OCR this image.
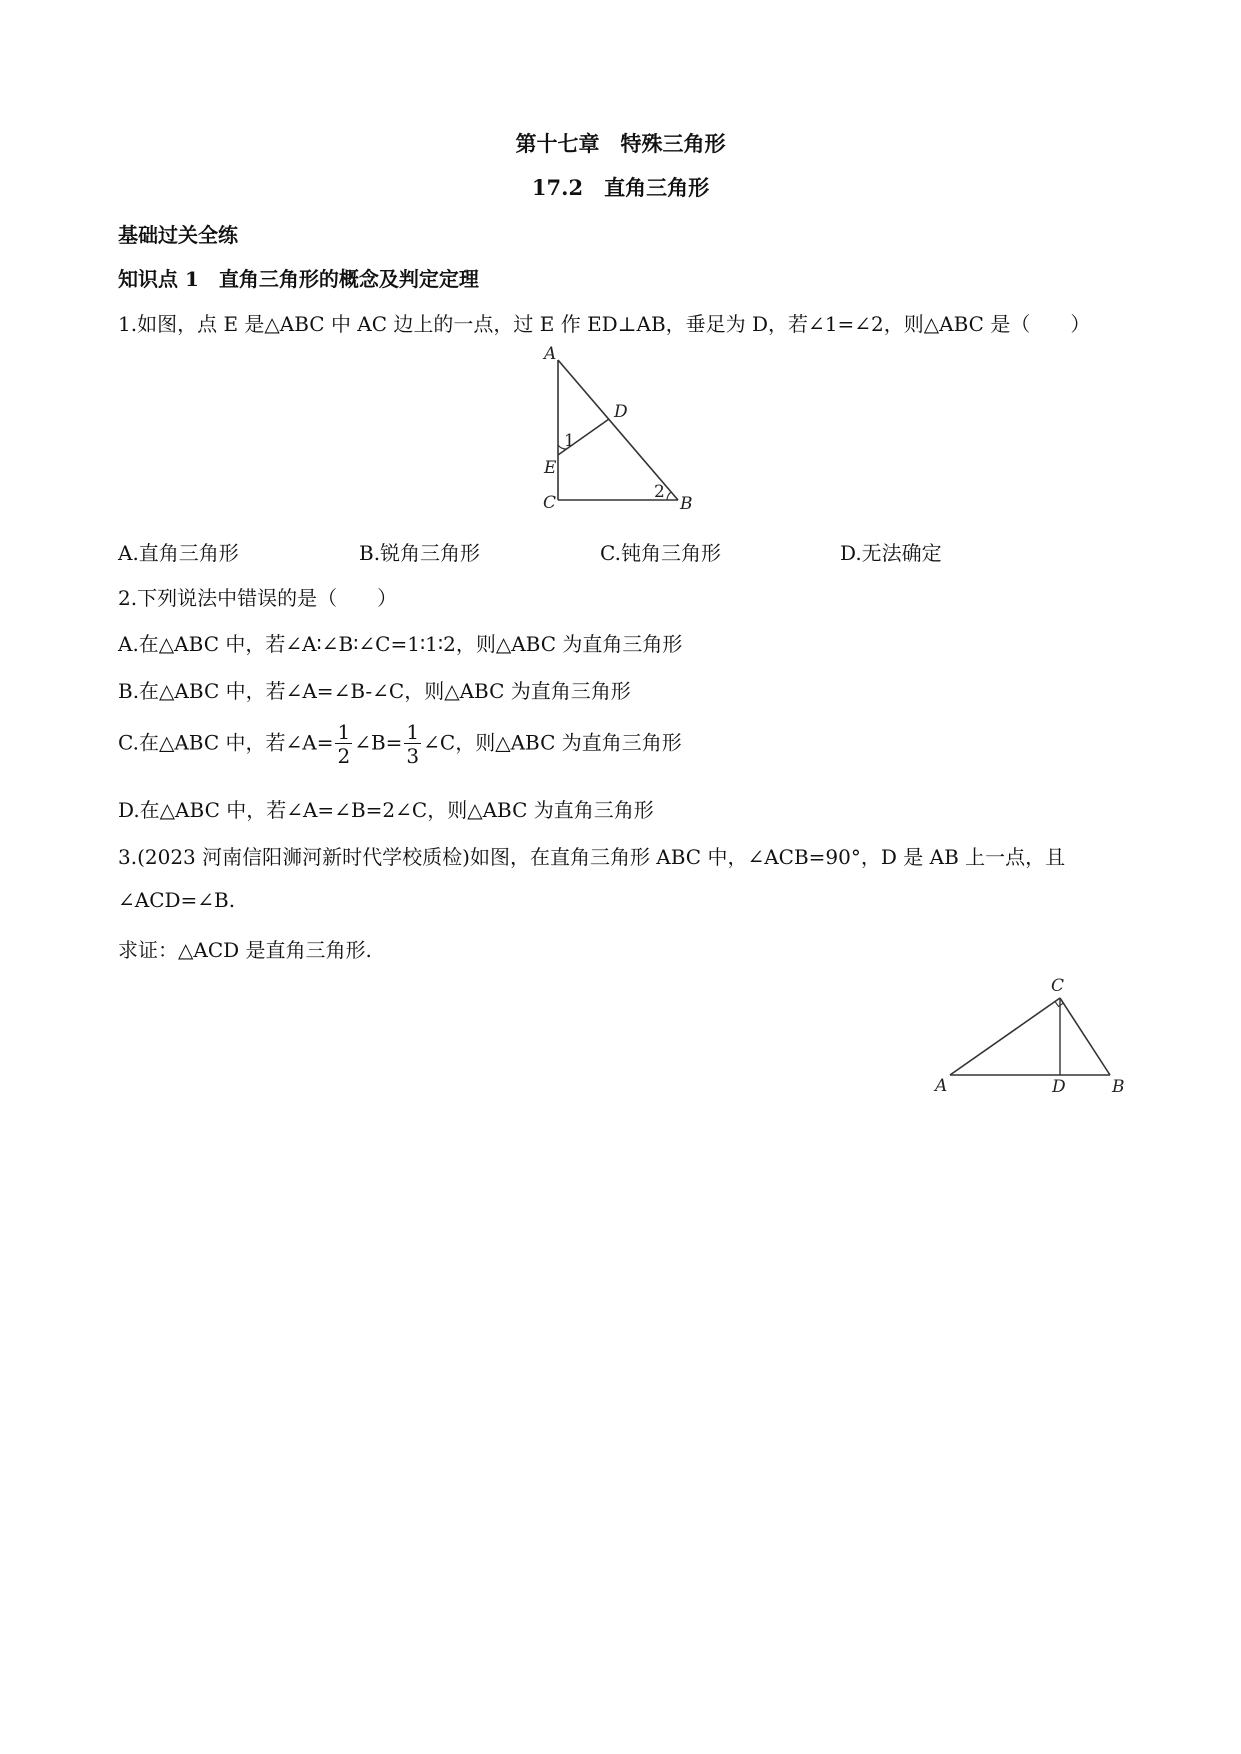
第十七章　特殊三角形
17.2　直角三角形
基础过关全练
知识点 1　直角三角形的概念及判定定理
1.如图，点 E 是△ABC 中 AC 边上的一点，过 E 作 ED⊥AB，垂足为 D，若∠1=∠2，则△ABC 是（　　）
A
D
E
C	B
1
2
A.直角三角形	B.锐角三角形	C.钝角三角形	D.无法确定
2.下列说法中错误的是（　　）
A.在△ABC 中，若∠A∶∠B∶∠C=1∶1∶2，则△ABC 为直角三角形
B.在△ABC 中，若∠A=∠B-∠C，则△ABC 为直角三角形
C.在△ABC 中，若∠A= $\frac{1}{2}$ ∠B= $\frac{1}{3}$ ∠C，则△ABC 为直角三角形
D.在△ABC 中，若∠A=∠B=2∠C，则△ABC 为直角三角形
3.(2023 河南信阳浉河新时代学校质检)如图，在直角三角形 ABC 中，∠ACB=90°，D 是 AB 上一点，且
∠ACD=∠B.
求证：△ACD 是直角三角形.
C
A	D	B
